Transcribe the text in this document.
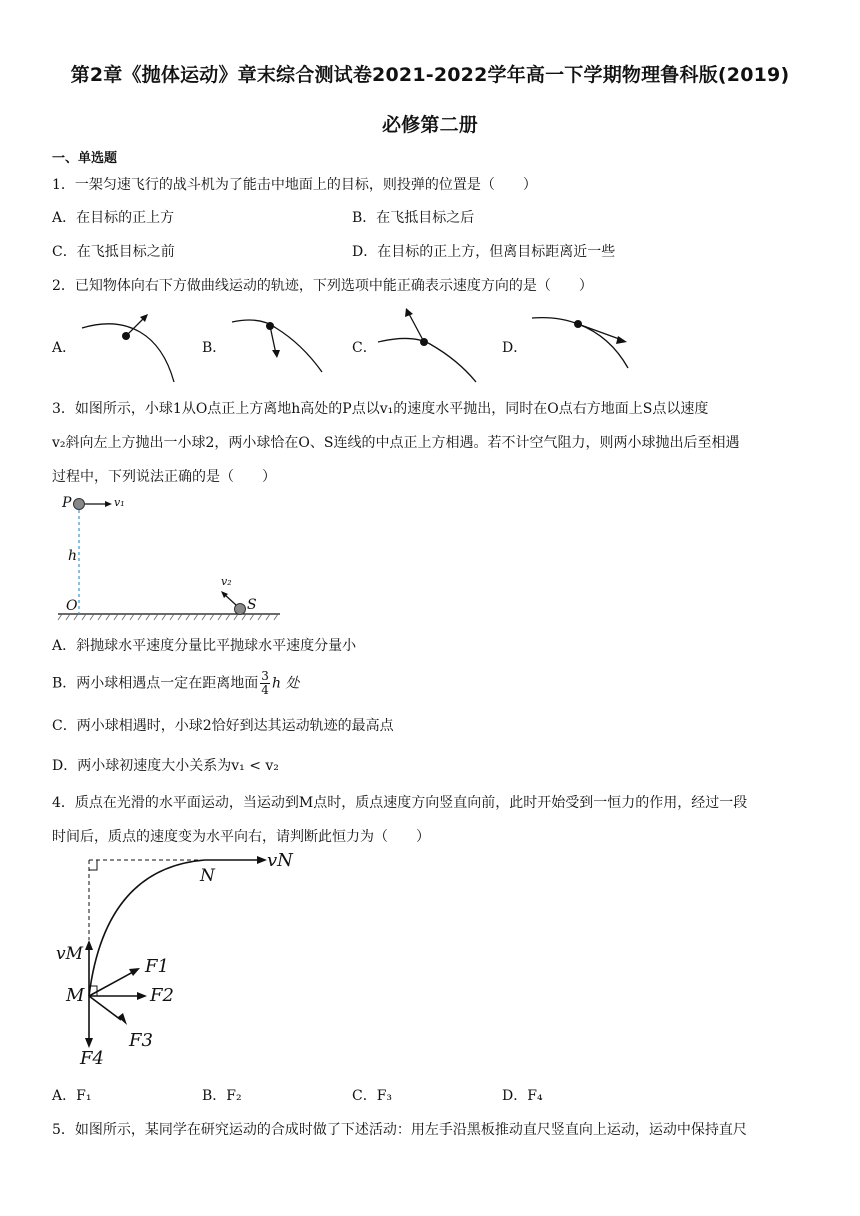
第2章《抛体运动》章末综合测试卷2021-2022学年高一下学期物理鲁科版(2019)
必修第二册
一、单选题
1．一架匀速飞行的战斗机为了能击中地面上的目标，则投弹的位置是（　　）
A．在目标的正上方	B．在飞抵目标之后
C．在飞抵目标之前	D．在目标的正上方，但离目标距离近一些
2．已知物体向右下方做曲线运动的轨迹，下列选项中能正确表示速度方向的是（　　）
A．	B．	C．	D．
3．如图所示，小球1从O点正上方离地h高处的P点以v₁的速度水平抛出，同时在O点右方地面上S点以速度
v₂斜向左上方抛出一小球2，两小球恰在O、S连线的中点正上方相遇。若不计空气阻力，则两小球抛出后至相遇
过程中，下列说法正确的是（　　）
P	v₁
h
v₂
O	S
A．斜抛球水平速度分量比平抛球水平速度分量小
B．两小球相遇点一定在距离地面 $\frac{3}{4}$ h 处
C．两小球相遇时，小球2恰好到达其运动轨迹的最高点
D．两小球初速度大小关系为v₁ < v₂
4．质点在光滑的水平面运动，当运动到M点时，质点速度方向竖直向前，此时开始受到一恒力的作用，经过一段
时间后，质点的速度变为水平向右，请判断此恒力为（　　）
vN
N
vM
M
F1
F2
F3
F4
A．F₁	B．F₂	C．F₃	D．F₄
5．如图所示，某同学在研究运动的合成时做了下述活动：用左手沿黑板推动直尺竖直向上运动，运动中保持直尺
